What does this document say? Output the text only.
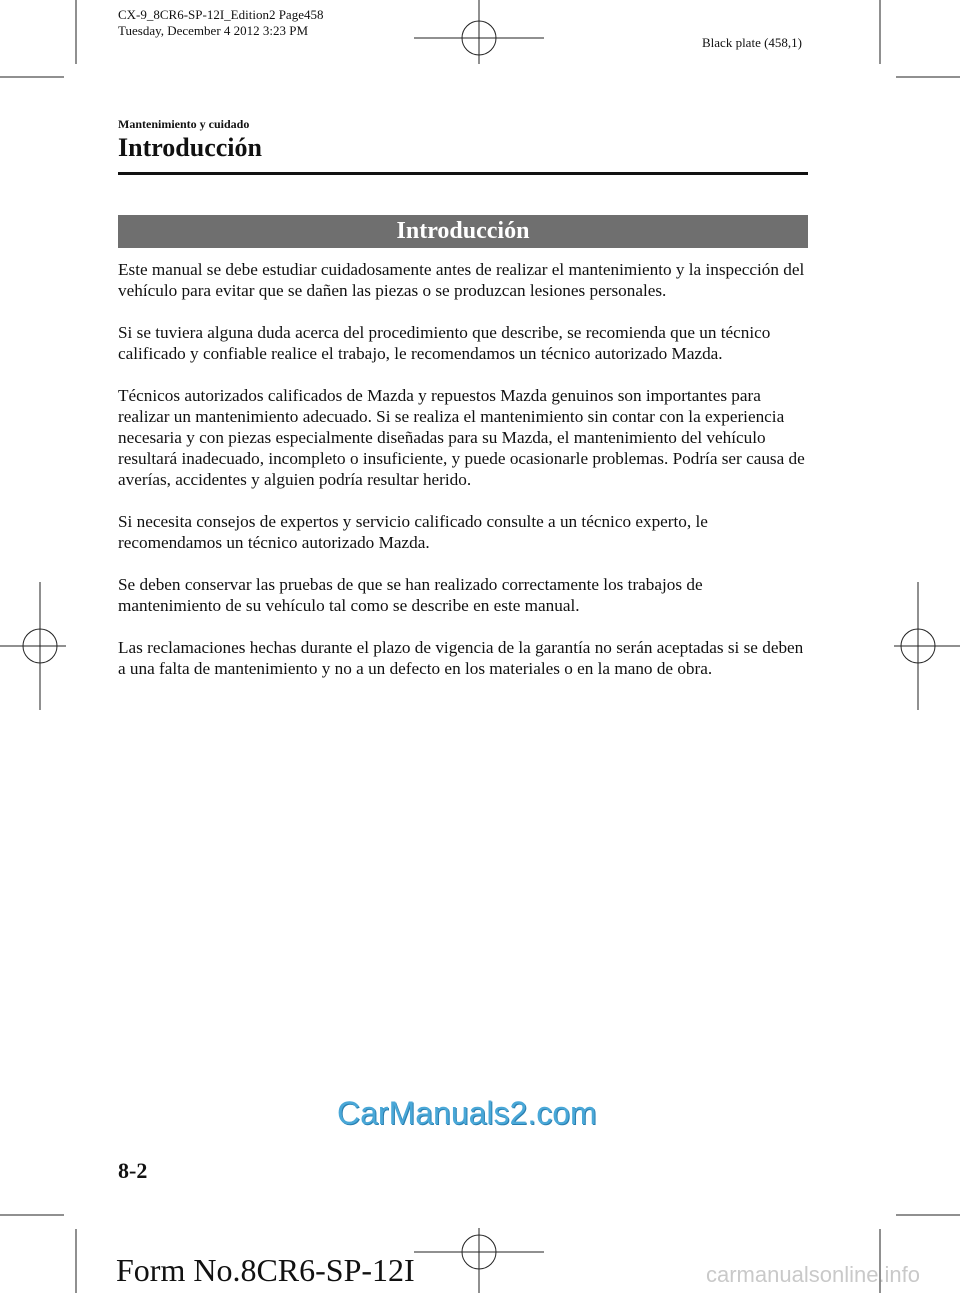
CX-9_8CR6-SP-12I_Edition2 Page458
Tuesday, December 4 2012 3:23 PM
Black plate (458,1)
Mantenimiento y cuidado
Introducción
Introducción

Este manual se debe estudiar cuidadosamente antes de realizar el mantenimiento y la inspección del vehículo para evitar que se dañen las piezas o se produzcan lesiones personales.

Si se tuviera alguna duda acerca del procedimiento que describe, se recomienda que un técnico calificado y confiable realice el trabajo, le recomendamos un técnico autorizado Mazda.

Técnicos autorizados calificados de Mazda y repuestos Mazda genuinos son importantes para realizar un mantenimiento adecuado. Si se realiza el mantenimiento sin contar con la experiencia necesaria y con piezas especialmente diseñadas para su Mazda, el mantenimiento del vehículo resultará inadecuado, incompleto o insuficiente, y puede ocasionarle problemas. Podría ser causa de averías, accidentes y alguien podría resultar herido.

Si necesita consejos de expertos y servicio calificado consulte a un técnico experto, le recomendamos un técnico autorizado Mazda.

Se deben conservar las pruebas de que se han realizado correctamente los trabajos de mantenimiento de su vehículo tal como se describe en este manual.

Las reclamaciones hechas durante el plazo de vigencia de la garantía no serán aceptadas si se deben a una falta de mantenimiento y no a un defecto en los materiales o en la mano de obra.

CarManuals2.com
8-2
Form No.8CR6-SP-12I	carmanualsonline.info
